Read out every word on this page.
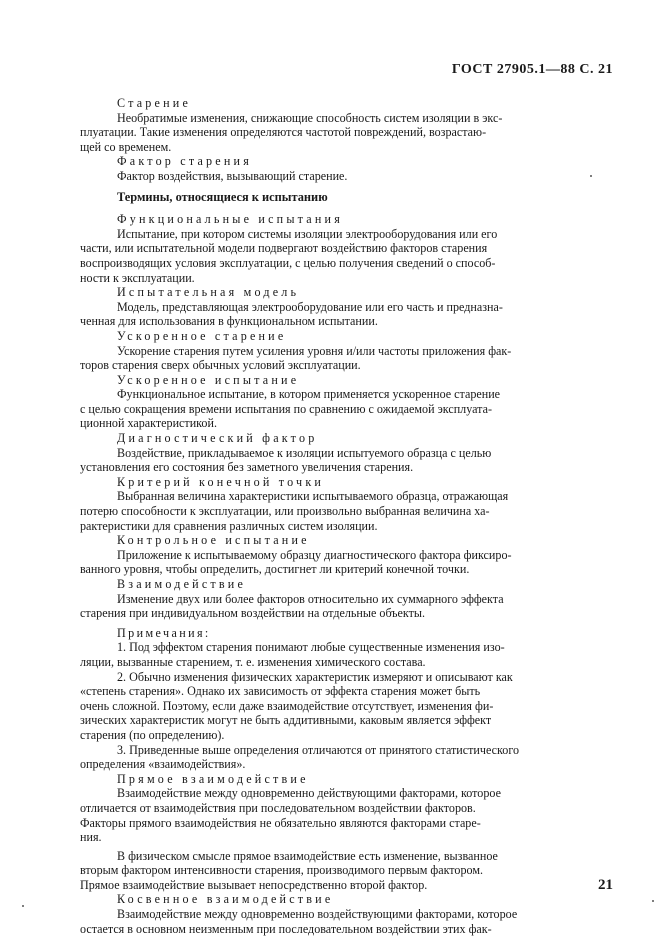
ГОСТ 27905.1—88 С. 21

Старение

Необратимые изменения, снижающие способность систем изоляции в экс-

плуатации. Такие изменения определяются частотой повреждений, возрастаю-

щей со временем.

Фактор старения

Фактор воздействия, вызывающий старение.

Термины, относящиеся к испытанию

Функциональные испытания

Испытание, при котором системы изоляции электрооборудования или его

части, или испытательной модели подвергают воздействию факторов старения

воспроизводящих условия эксплуатации, с целью получения сведений о способ-

ности к эксплуатации.

Испытательная модель

Модель, представляющая электрооборудование или его часть и предназна-

ченная для использования в функциональном испытании.

Ускоренное старение

Ускорение старения путем усиления уровня и/или частоты приложения фак-

торов старения сверх обычных условий эксплуатации.

Ускоренное испытание

Функциональное испытание, в котором применяется ускоренное старение

с целью сокращения времени испытания по сравнению с ожидаемой эксплуата-

ционной характеристикой.

Диагностический фактор

Воздействие, прикладываемое к изоляции испытуемого образца с целью

установления его состояния без заметного увеличения старения.

Критерий конечной точки

Выбранная величина характеристики испытываемого образца, отражающая

потерю способности к эксплуатации, или произвольно выбранная величина ха-

рактеристики для сравнения различных систем изоляции.

Контрольное испытание

Приложение к испытываемому образцу диагностического фактора фиксиро-

ванного уровня, чтобы определить, достигнет ли критерий конечной точки.

Взаимодействие

Изменение двух или более факторов относительно их суммарного эффекта

старения при индивидуальном воздействии на отдельные объекты.

Примечания:

1. Под эффектом старения понимают любые существенные изменения изо-

ляции, вызванные старением, т. е. изменения химического состава.

2. Обычно изменения физических характеристик измеряют и описывают как

«степень старения». Однако их зависимость от эффекта старения может быть

очень сложной. Поэтому, если даже взаимодействие отсутствует, изменения фи-

зических характеристик могут не быть аддитивными, каковым является эффект

старения (по определению).

3. Приведенные выше определения отличаются от принятого статистического

определения «взаимодействия».

Прямое взаимодействие

Взаимодействие между одновременно действующими факторами, которое

отличается от взаимодействия при последовательном воздействии факторов.

Факторы прямого взаимодействия не обязательно являются факторами старе-

ния.

В физическом смысле прямое взаимодействие есть изменение, вызванное

вторым фактором интенсивности старения, производимого первым фактором.

Прямое взаимодействие вызывает непосредственно второй фактор.

Косвенное взаимодействие

Взаимодействие между одновременно воздействующими факторами, которое

остается в основном неизменным при последовательном воздействии этих фак-

21
